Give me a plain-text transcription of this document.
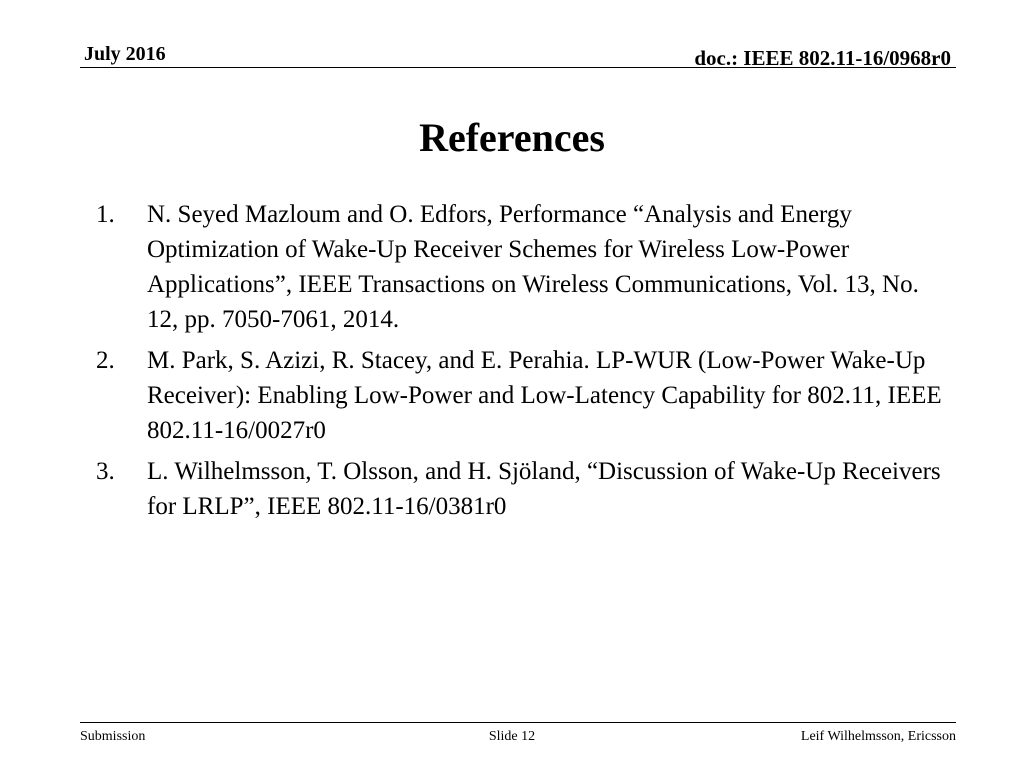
July 2016	doc.: IEEE 802.11-16/0968r0
References
1. N. Seyed Mazloum and O. Edfors, Performance “Analysis and Energy Optimization of Wake-Up Receiver Schemes for Wireless Low-Power Applications”, IEEE Transactions on Wireless Communications, Vol. 13, No. 12, pp. 7050-7061, 2014.
2. M. Park, S. Azizi, R. Stacey, and E. Perahia. LP-WUR (Low-Power Wake-Up Receiver): Enabling Low-Power and Low-Latency Capability for 802.11, IEEE 802.11-16/0027r0
3. L. Wilhelmsson, T. Olsson, and H. Sjöland, “Discussion of Wake-Up Receivers for LRLP”, IEEE 802.11-16/0381r0
Submission	Slide 12	Leif Wilhelmsson, Ericsson
